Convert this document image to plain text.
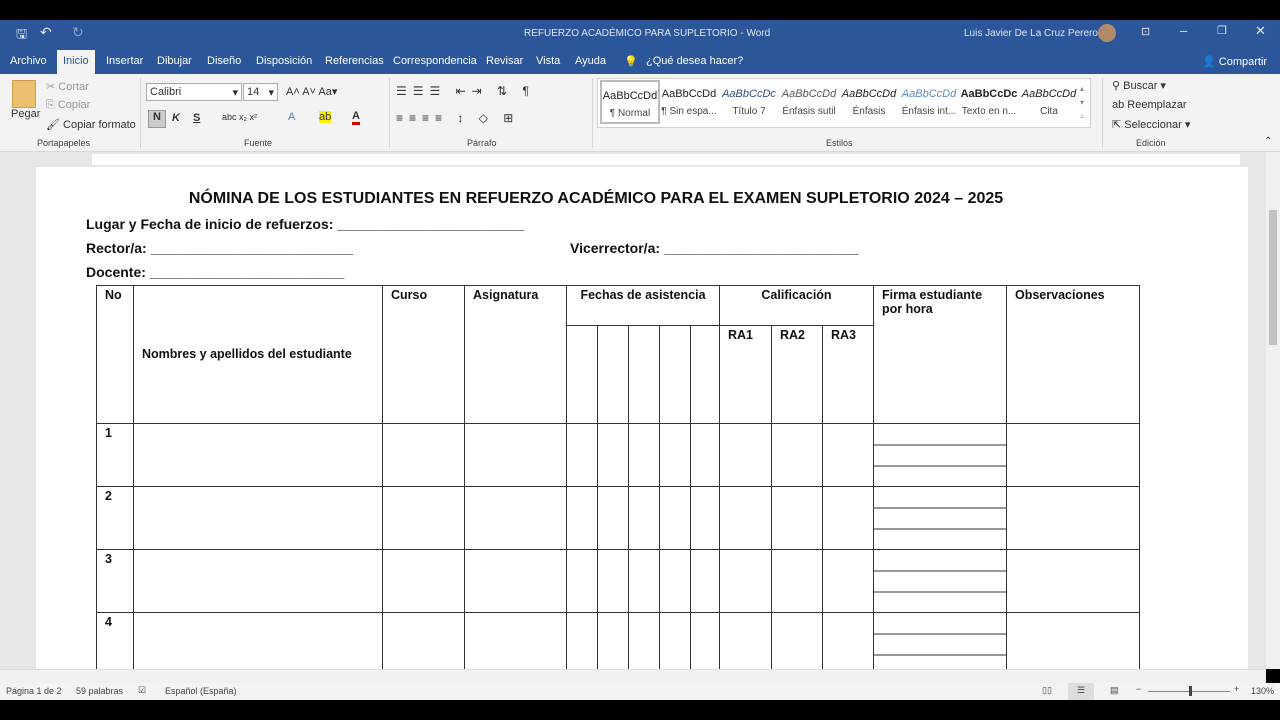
🖫 ↶ ↻	REFUERZO ACADÉMICO PARA SUPLETORIO - Word	Luis Javier De La Cruz Perero	⊡ –	❐ ✕
Archivo	Inicio	Insertar Dibujar Diseño Disposición Referencias Correspondencia Revisar Vista Ayuda 💡 ¿Qué desea hacer?	👤 Compartir
Pegar
✂ Cortar
⎘ Copiar
🖌 Copiar formato
Portapapeles
Calibri	▾ 14 ▾ A˄ A˅ Aa▾
N	K S abc x₂ x²	A ab A
Fuente
☰☰☰ ⇤⇥ ⇅ ¶
≡≡≡≡ ↕ ◇ ⊞
Párrafo
AaBbCcDd
¶ Normal
AaBbCcDd
¶ Sin espa...
AaBbCcDc
Título 7
AaBbCcDd
Énfasis sutil
AaBbCcDd
Énfasis
AaBbCcDd
Énfasis int...
AaBbCcDc
Texto en n...
AaBbCcDd
Cita
▴
▾
⩡
Estilos
⚲ Buscar ▾
ab Reemplazar
⇱ Seleccionar ▾
Edición	⌃
NÓMINA DE LOS ESTUDIANTES EN REFUERZO ACADÉMICO PARA EL EXAMEN SUPLETORIO 2024 – 2025
Lugar y Fecha de inicio de refuerzos: ________________________
Rector/a: __________________________	Vicerrector/a: _________________________
Docente: _________________________
No	Nombres y apellidos del estudiante	Curso	Asignatura	Fechas de asistencia					Calificación			Firma estudiante por hora	Observaciones
									RA1	RA2	RA3		
1													
2													
3													
4													
Página 1 de 2 59 palabras ☑ Español (España)	▯▯	☰	▤ −	+ 130%
